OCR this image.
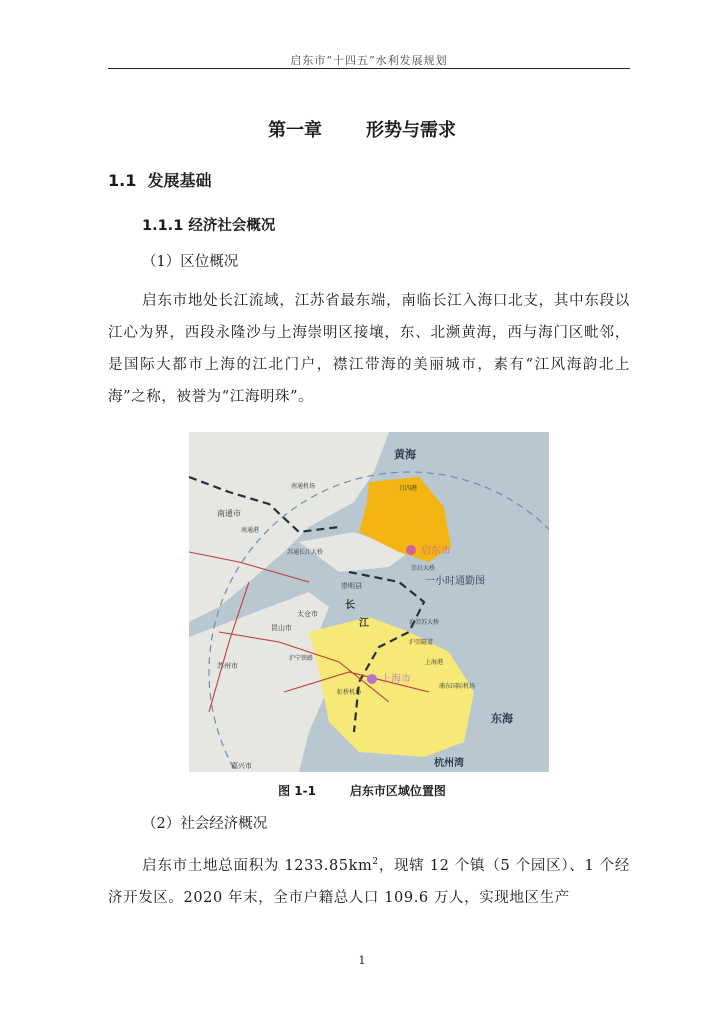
启东市“十四五”水利发展规划
第一章 形势与需求
1.1  发展基础
1.1.1 经济社会概况
（1）区位概况
启东市地处长江流域，江苏省最东端，南临长江入海口北支，其中东段以江心为界，西段永隆沙与上海崇明区接壤，东、北濒黄海，西与海门区毗邻，是国际大都市上海的江北门户，襟江带海的美丽城市，素有“江风海韵北上海”之称，被誉为“江海明珠”。
黄海
启东市
上海市
一小时通勤图
东海
杭州湾
南通市
崇明县
长
江
太仓市
昆山市
苏州市
嘉兴市
吕四港
南通机场
南通港
苏通长江大桥
崇启大桥
沪宁铁路
虹桥机场
浦东国际机场
上海港
沪崇苏大桥
沪崇隧道
图 1-1	启东市区域位置图
（2）社会经济概况
启东市土地总面积为 $1233.85km^2$，现辖 12 个镇（5 个园区）、1 个经济开发区。2020 年末，全市户籍总人口 109.6 万人，实现地区生产
1
